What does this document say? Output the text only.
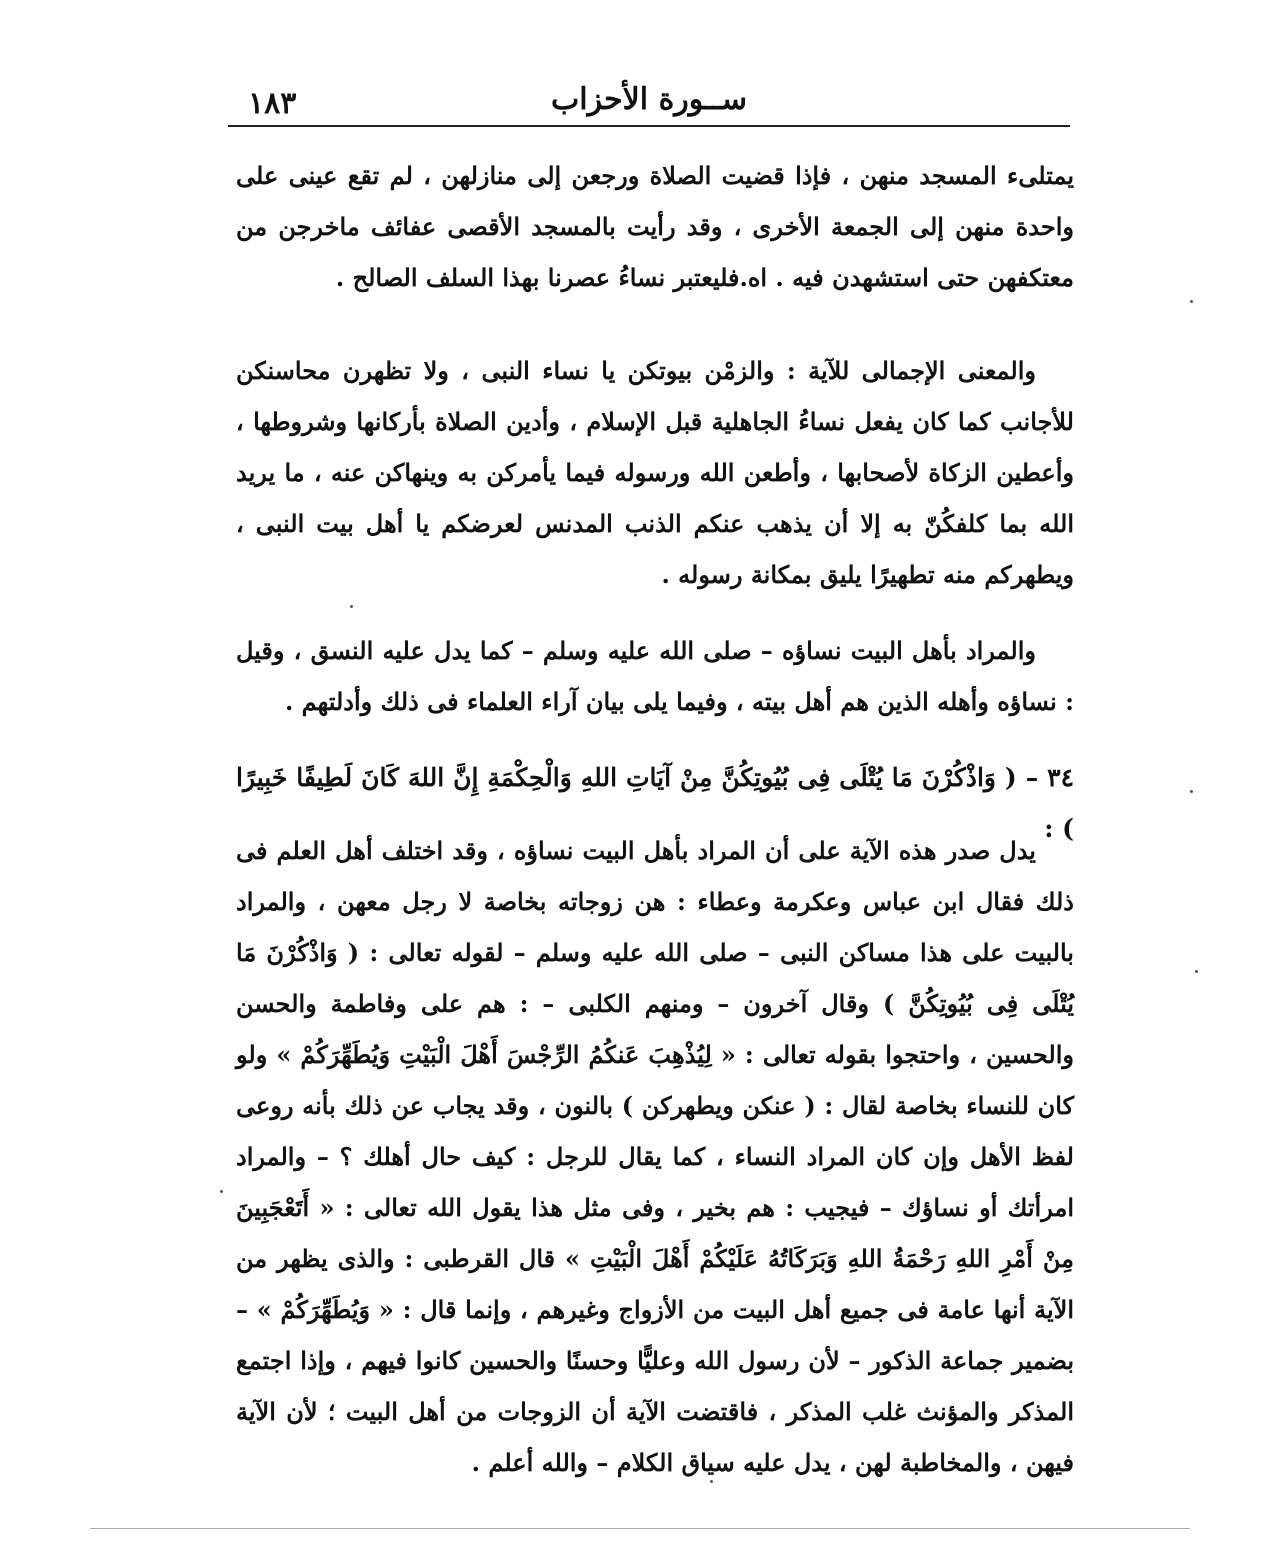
ســورة الأحزاب
١٨٣

يمتلىء المسجد منهن ، فإذا قضيت الصلاة ورجعن إلى منازلهن ، لم تقع عينى على واحدة منهن إلى الجمعة الأخرى ، وقد رأيت بالمسجد الأقصى عفائف ماخرجن من معتكفهن حتى استشهدن فيه . اه.فليعتبر نساءُ عصرنا بهذا السلف الصالح .

والمعنى الإجمالى للآية : والزمْن بيوتكن يا نساء النبى ، ولا تظهرن محاسنكن للأجانب كما كان يفعل نساءُ الجاهلية قبل الإسلام ، وأدين الصلاة بأركانها وشروطها ، وأعطين الزكاة لأصحابها ، وأطعن الله ورسوله فيما يأمركن به وينهاكن عنه ، ما يريد الله بما كلفكُنّ به إلا أن يذهب عنكم الذنب المدنس لعرضكم يا أهل بيت النبى ، ويطهركم منه تطهيرًا يليق بمكانة رسوله .

والمراد بأهل البيت نساؤه – صلى الله عليه وسلم – كما يدل عليه النسق ، وقيل : نساؤه وأهله الذين هم أهل بيته ، وفيما يلى بيان آراء العلماء فى ذلك وأدلتهم .

٣٤ – ( وَاذْكُرْنَ مَا يُتْلَى فِى بُيُوتِكُنَّ مِنْ آيَاتِ اللهِ وَالْحِكْمَةِ إِنَّ اللهَ كَانَ لَطِيفًا خَبِيرًا ) :

يدل صدر هذه الآية على أن المراد بأهل البيت نساؤه ، وقد اختلف أهل العلم فى ذلك فقال ابن عباس وعكرمة وعطاء : هن زوجاته بخاصة لا رجل معهن ، والمراد بالبيت على هذا مساكن النبى – صلى الله عليه وسلم – لقوله تعالى : ( وَاذْكُرْنَ مَا يُتْلَى فِى بُيُوتِكُنَّ ) وقال آخرون – ومنهم الكلبى – : هم على وفاطمة والحسن والحسين ، واحتجوا بقوله تعالى : « لِيُذْهِبَ عَنكُمُ الرِّجْسَ أَهْلَ الْبَيْتِ وَيُطَهِّرَكُمْ » ولو كان للنساء بخاصة لقال : ( عنكن ويطهركن ) بالنون ، وقد يجاب عن ذلك بأنه روعى لفظ الأهل وإن كان المراد النساء ، كما يقال للرجل : كيف حال أهلك ؟ – والمراد امرأتك أو نساؤك – فيجيب : هم بخير ، وفى مثل هذا يقول الله تعالى : « أَتَعْجَبِينَ مِنْ أَمْرِ اللهِ رَحْمَةُ اللهِ وَبَرَكَاتُهُ عَلَيْكُمْ أَهْلَ الْبَيْتِ » قال القرطبى : والذى يظهر من الآية أنها عامة فى جميع أهل البيت من الأزواج وغيرهم ، وإنما قال : « وَيُطَهِّرَكُمْ » – بضمير جماعة الذكور – لأن رسول الله وعليًّا وحسنًا والحسين كانوا فيهم ، وإذا اجتمع المذكر والمؤنث غلب المذكر ، فاقتضت الآية أن الزوجات من أهل البيت ؛ لأن الآية فيهن ، والمخاطبة لهن ، يدل عليه سياق الكلام – والله أعلم .
